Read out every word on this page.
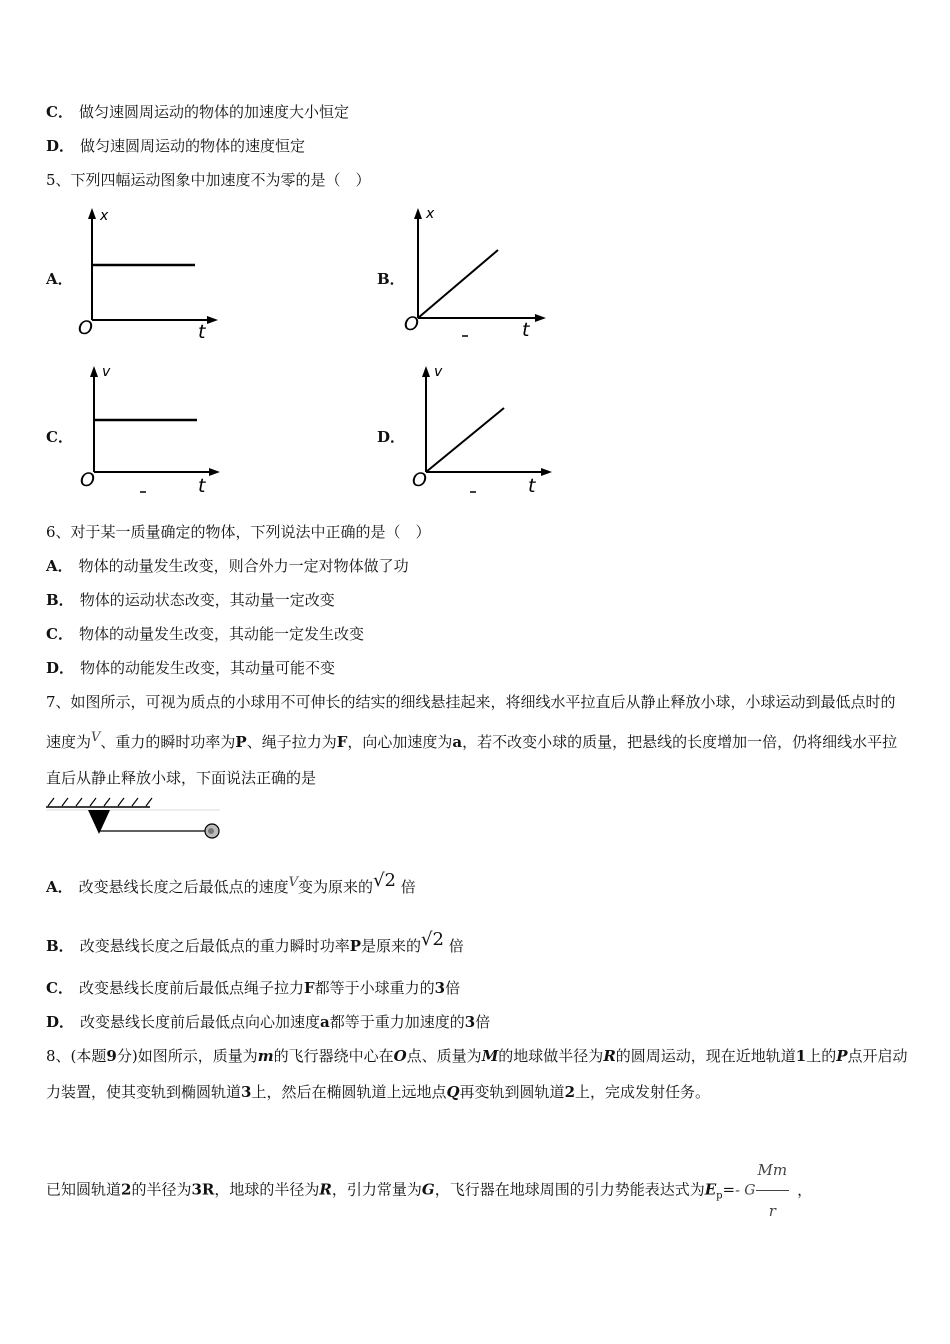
C． 做匀速圆周运动的物体的加速度大小恒定
D． 做匀速圆周运动的物体的速度恒定
5、下列四幅运动图象中加速度不为零的是（　）
A．
x
O	t
B．
x
O	t
C．
v
O	t
D．
v
O	t
6、对于某一质量确定的物体，下列说法中正确的是（　）
A． 物体的动量发生改变，则合外力一定对物体做了功
B． 物体的运动状态改变，其动量一定改变
C． 物体的动量发生改变，其动能一定发生改变
D． 物体的动能发生改变，其动量可能不变
7、如图所示，可视为质点的小球用不可伸长的结实的细线悬挂起来，将细线水平拉直后从静止释放小球，小球运动到最低点时的速度为V、重力的瞬时功率为P、绳子拉力为F，向心加速度为a，若不改变小球的质量，把悬线的长度增加一倍，仍将细线水平拉直后从静止释放小球，下面说法正确的是
A． 改变悬线长度之后最低点的速度V变为原来的√2 倍
B． 改变悬线长度之后最低点的重力瞬时功率P是原来的√2 倍
C． 改变悬线长度前后最低点绳子拉力F都等于小球重力的3倍
D． 改变悬线长度前后最低点向心加速度a都等于重力加速度的3倍
8、(本题9分)如图所示，质量为m的飞行器绕中心在O点、质量为M的地球做半径为R的圆周运动，现在近地轨道1上的P点开启动力装置，使其变轨到椭圆轨道3上，然后在椭圆轨道上远地点Q再变轨到圆轨道2上，完成发射任务。
已知圆轨道2的半径为3R，地球的半径为R，引力常量为G，飞行器在地球周围的引力势能表达式为$E_p=-$ G $\frac{Mm}{r}$ ，
